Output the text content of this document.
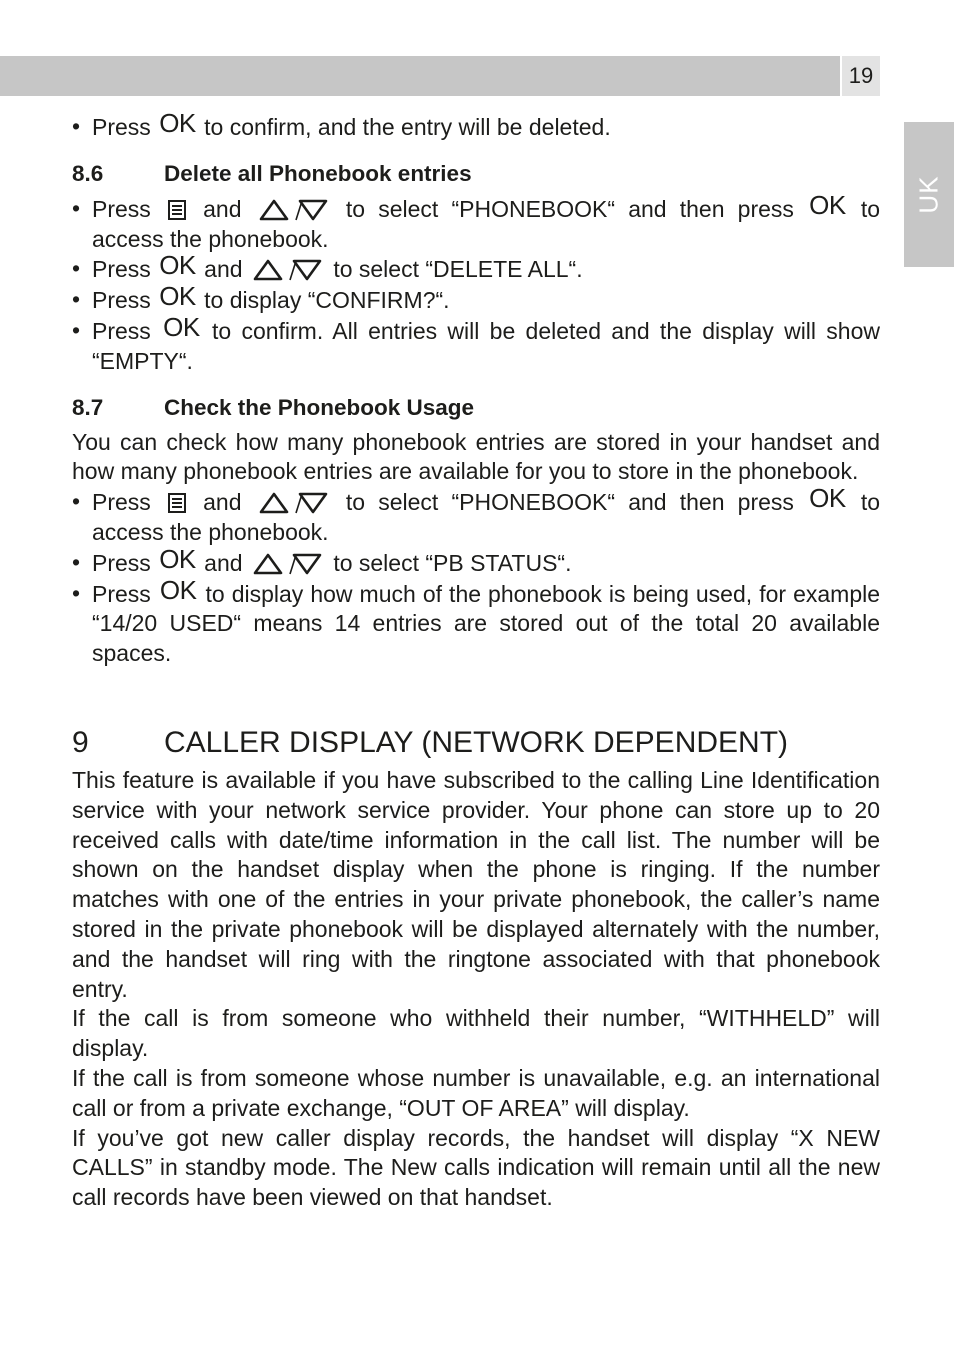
19
UK
• Press OK to confirm, and the entry will be deleted.
8.6	Delete all Phonebook entries
• Press and	to select “PHONEBOOK“ and then press OK to access the phonebook.
• Press OK and	to select “DELETE ALL“.
• Press OK to display “CONFIRM?“.
• Press OK to confirm. All entries will be deleted and the display will show “EMPTY“.
8.7	Check the Phonebook Usage

You can check how many phonebook entries are stored in your handset and how many phonebook entries are available for you to store in the phonebook.

• Press and	to select “PHONEBOOK“ and then press OK to access the phonebook.
• Press OK and	to select “PB STATUS“.
• Press OK to display how much of the phonebook is being used, for example “14/20 USED“ means 14 entries are stored out of the total 20 available spaces.
9	CALLER DISPLAY (NETWORK DEPENDENT)

This feature is available if you have subscribed to the calling Line Identification service with your network service provider. Your phone can store up to 20 received calls with date/time information in the call list. The number will be shown on the handset display when the phone is ringing. If the number matches with one of the entries in your private phonebook, the caller’s name stored in the private phonebook will be displayed alternately with the number, and the handset will ring with the ringtone associated with that phonebook entry.

If the call is from someone who withheld their number, “WITHHELD” will display.

If the call is from someone whose number is unavailable, e.g. an international call or from a private exchange, “OUT OF AREA” will display.

If you’ve got new caller display records, the handset will display “X NEW CALLS” in standby mode. The New calls indication will remain until all the new call records have been viewed on that handset.
